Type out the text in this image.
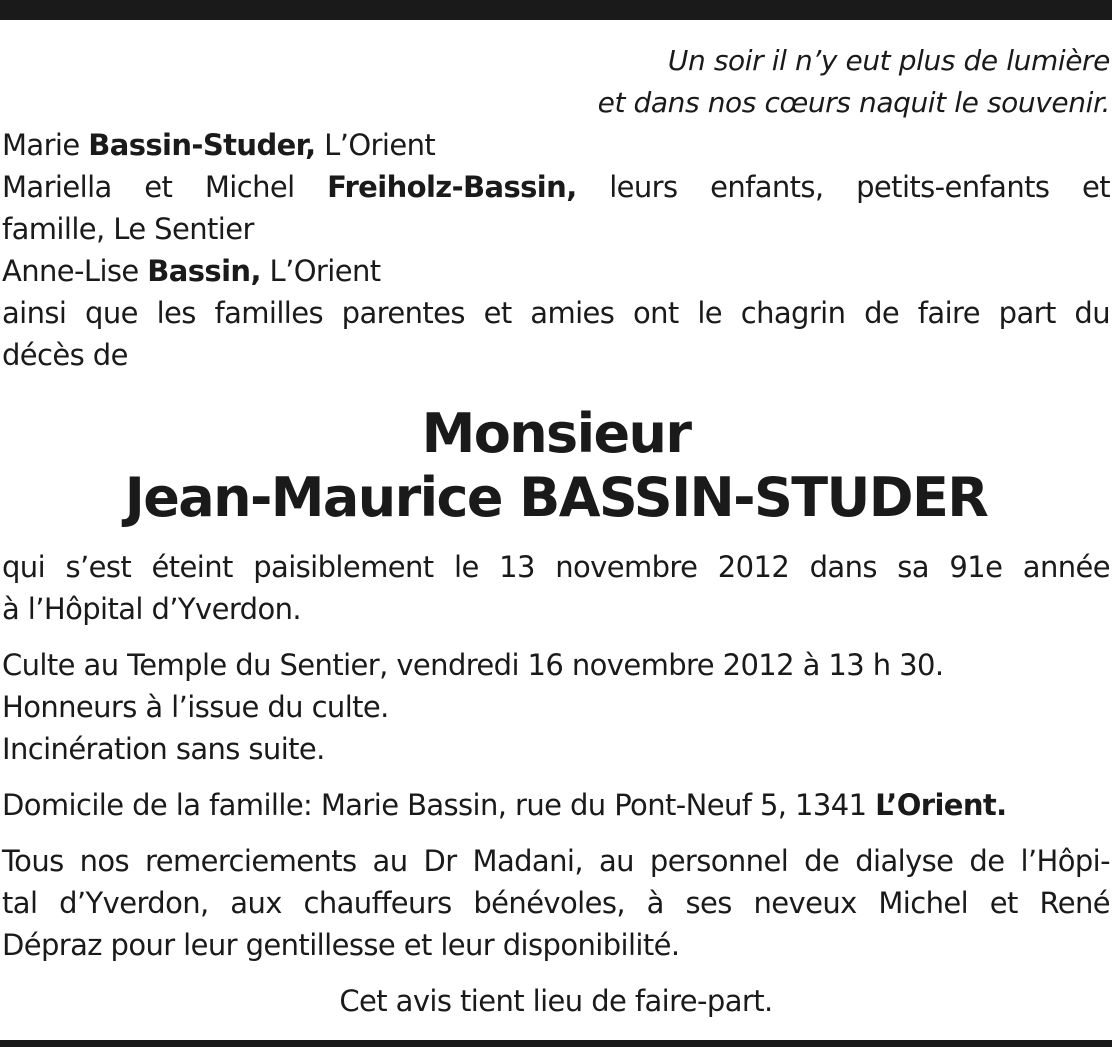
Un soir il n’y eut plus de lumière
et dans nos cœurs naquit le souvenir.
Marie Bassin-Studer, L’Orient
Mariella et Michel Freiholz-Bassin, leurs enfants, petits-enfants et
famille, Le Sentier
Anne-Lise Bassin, L’Orient
ainsi que les familles parentes et amies ont le chagrin de faire part du
décès de
Monsieur
Jean-Maurice BASSIN-STUDER
qui s’est éteint paisiblement le 13 novembre 2012 dans sa 91e année
à l’Hôpital d’Yverdon.
Culte au Temple du Sentier, vendredi 16 novembre 2012 à 13 h 30.
Honneurs à l’issue du culte.
Incinération sans suite.
Domicile de la famille: Marie Bassin, rue du Pont-Neuf 5, 1341 L’Orient.
Tous nos remerciements au Dr Madani, au personnel de dialyse de l’Hôpi-
tal d’Yverdon, aux chauffeurs bénévoles, à ses neveux Michel et René
Dépraz pour leur gentillesse et leur disponibilité.
Cet avis tient lieu de faire-part.
